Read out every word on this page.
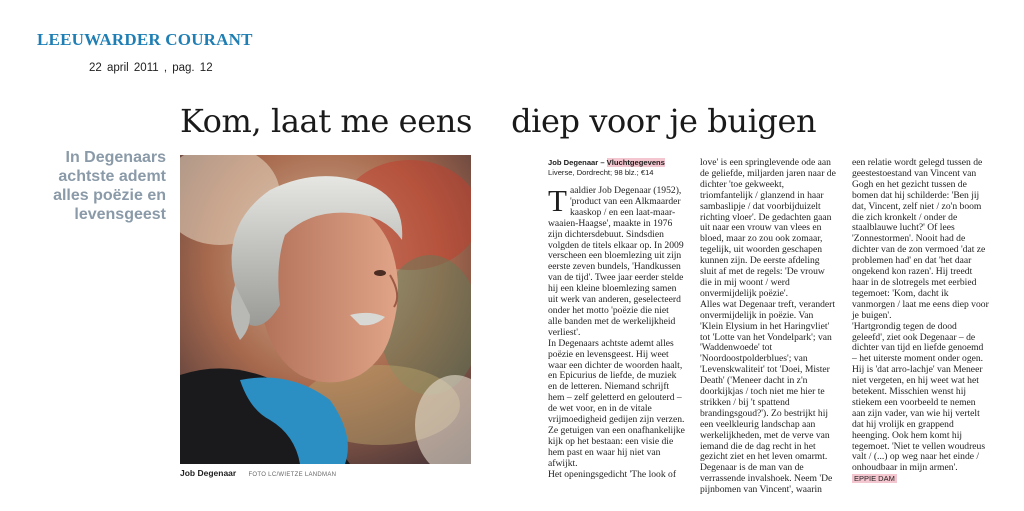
LEEUWARDER COURANT
22 april 2011 , pag. 12
Kom, laat me eens    diep voor je buigen
In Degenaars achtste ademt alles poëzie en levensgeest
Job Degenaar FOTO LC/WIETZE LANDMAN

Job Degenaar – Vluchtgegevens
Liverse, Dordrecht; 98 blz.; €14

Taaldier Job Degenaar (1952), 'product van een Alkmaarder kaaskop / en een laat-maar-waaien-Haagse', maakte in 1976 zijn dichtersdebuut. Sindsdien volgden de titels elkaar op. In 2009 verscheen een bloemlezing uit zijn eerste zeven bundels, 'Handkussen van de tijd'. Twee jaar eerder stelde hij een kleine bloemlezing samen uit werk van anderen, geselecteerd onder het motto 'poëzie die niet alle banden met de werkelijkheid verliest'.

In Degenaars achtste ademt alles poëzie en levensgeest. Hij weet waar een dichter de woorden haalt, en Epicurius de liefde, de muziek en de letteren. Niemand schrijft hem – zelf geletterd en gelouterd – de wet voor, en in de vitale vrijmoedigheid gedijen zijn verzen. Ze getuigen van een onafhankelijke kijk op het bestaan: een visie die hem past en waar hij niet van afwijkt.

Het openingsgedicht 'The look of

love' is een springlevende ode aan de geliefde, miljarden jaren naar de dichter 'toe gekweekt, triomfantelijk / glanzend in haar sambaslipje / dat voorbijduizelt richting vloer'. De gedachten gaan uit naar een vrouw van vlees en bloed, maar zo zou ook zomaar, tegelijk, uit woorden geschapen kunnen zijn. De eerste afdeling sluit af met de regels: 'De vrouw die in mij woont / werd onvermijdelijk poëzie'.

Alles wat Degenaar treft, verandert onvermijdelijk in poëzie. Van 'Klein Elysium in het Haringvliet' tot 'Lotte van het Vondelpark'; van 'Waddenwoede' tot 'Noordoostpolderblues'; van 'Levenskwaliteit' tot 'Doei, Mister Death' ('Meneer dacht in z'n doorkijkjas / toch niet me hier te strikken / bij 't spattend brandingsgoud?'). Zo bestrijkt hij een veelkleurig landschap aan werkelijkheden, met de verve van iemand die de dag recht in het gezicht ziet en het leven omarmt.

Degenaar is de man van de verrassende invalshoek. Neem 'De pijnbomen van Vincent', waarin

een relatie wordt gelegd tussen de geestestoestand van Vincent van Gogh en het gezicht tussen de bomen dat hij schilderde: 'Ben jij dat, Vincent, zelf niet / zo'n boom die zich kronkelt / onder de staalblauwe lucht?' Of lees 'Zonnestormen'. Nooit had de dichter van de zon vermoed 'dat ze problemen had' en dat 'het daar ongekend kon razen'. Hij treedt haar in de slotregels met eerbied tegemoet: 'Kom, dacht ik vanmorgen / laat me eens diep voor je buigen'.

'Hartgrondig tegen de dood geleefd', ziet ook Degenaar – de dichter van tijd en liefde genoemd – het uiterste moment onder ogen. Hij is 'dat arro-lachje' van Meneer niet vergeten, en hij weet wat het betekent. Misschien wenst hij stiekem een voorbeeld te nemen aan zijn vader, van wie hij vertelt dat hij vrolijk en grappend heenging. Ook hem komt hij tegemoet. 'Niet te vellen woudreus valt / (...) op weg naar het einde / onhoudbaar in mijn armen'.

EPPIE DAM
